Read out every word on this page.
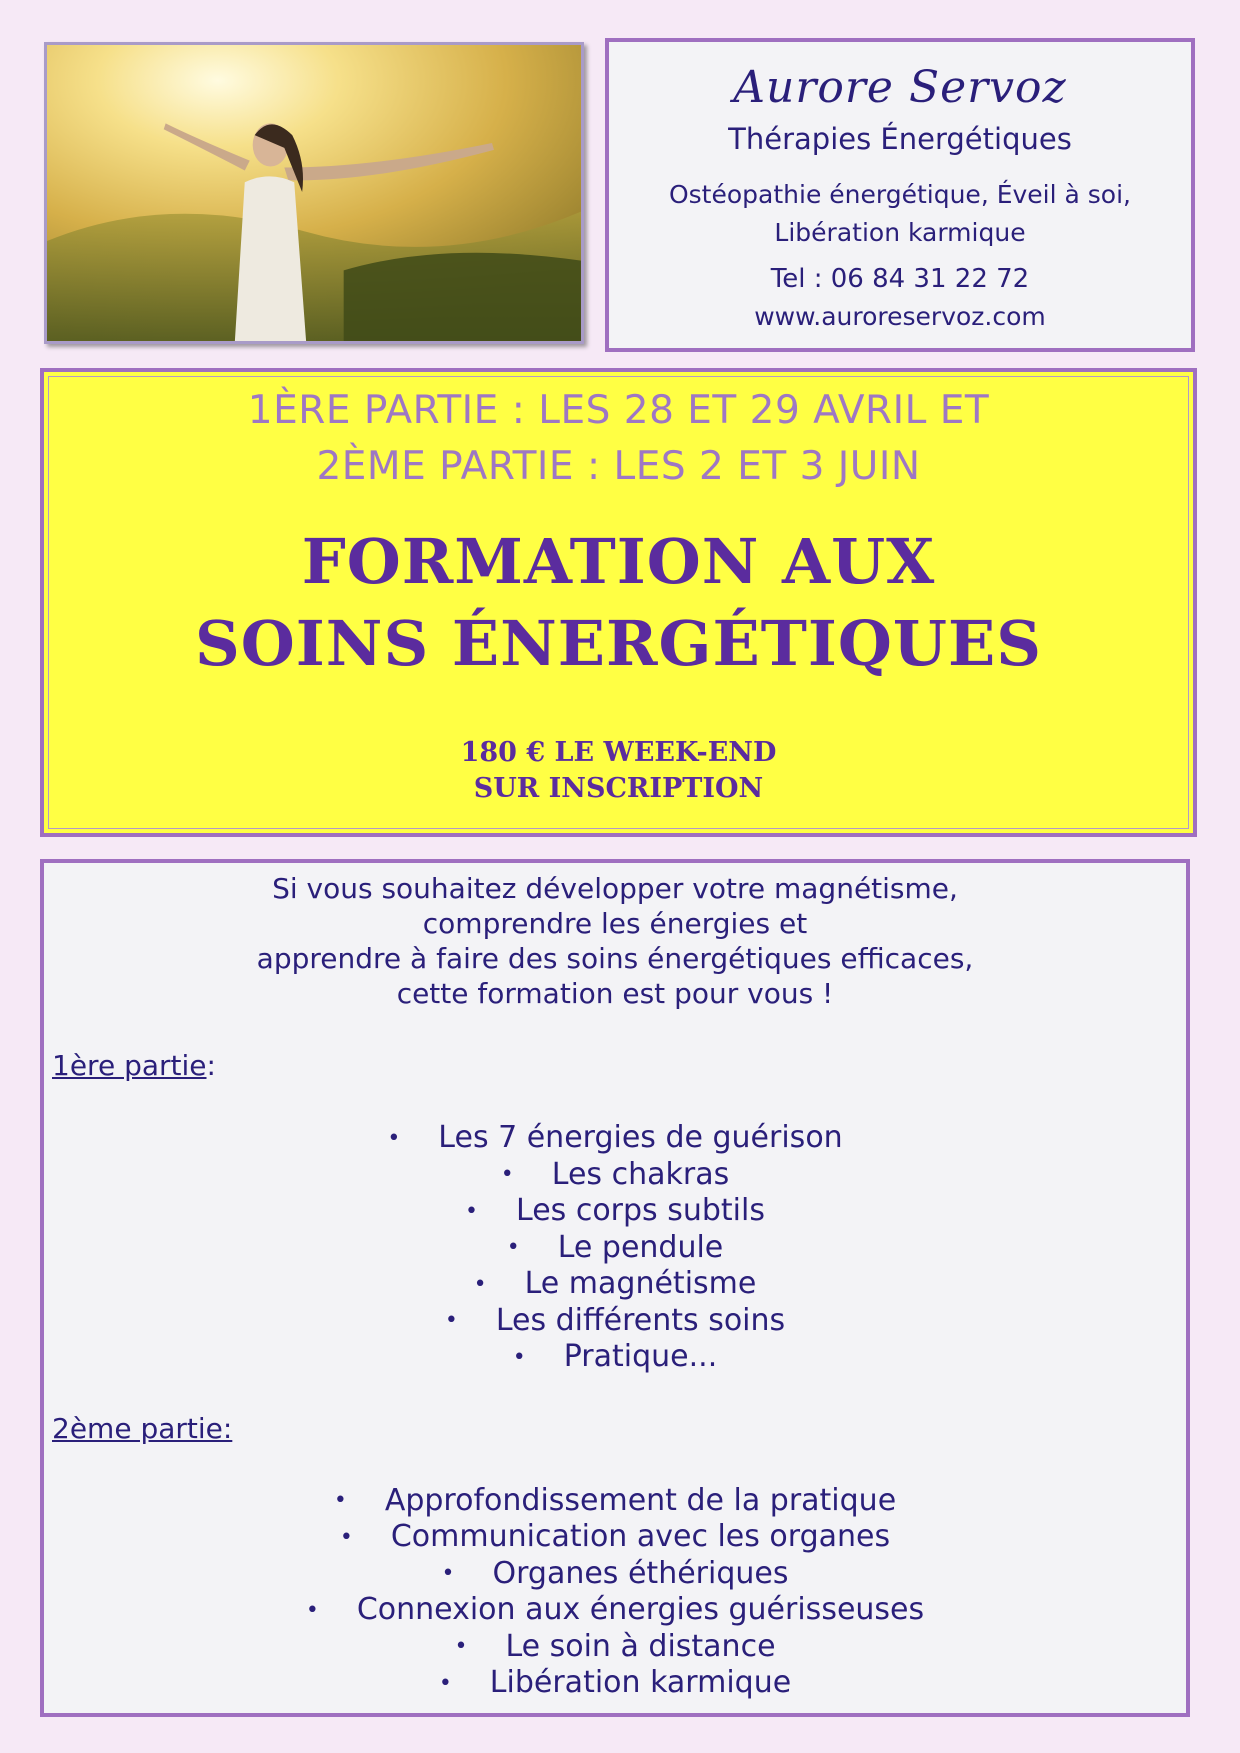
Aurore Servoz
Thérapies Énergétiques
Ostéopathie énergétique, Éveil à soi,
Libération karmique
Tel : 06 84 31 22 72
www.auroreservoz.com
1ÈRE PARTIE : LES 28 ET 29 AVRIL ET
2ÈME PARTIE : LES 2 ET 3 JUIN
FORMATION AUX
SOINS ÉNERGÉTIQUES
180 € LE WEEK-END
SUR INSCRIPTION
Si vous souhaitez développer votre magnétisme,
comprendre les énergies et
apprendre à faire des soins énergétiques efficaces,
cette formation est pour vous !
1ère partie:
• Les 7 énergies de guérison
• Les chakras
• Les corps subtils
• Le pendule
• Le magnétisme
• Les différents soins
• Pratique...
2ème partie:
• Approfondissement de la pratique
• Communication avec les organes
• Organes éthériques
• Connexion aux énergies guérisseuses
• Le soin à distance
• Libération karmique
